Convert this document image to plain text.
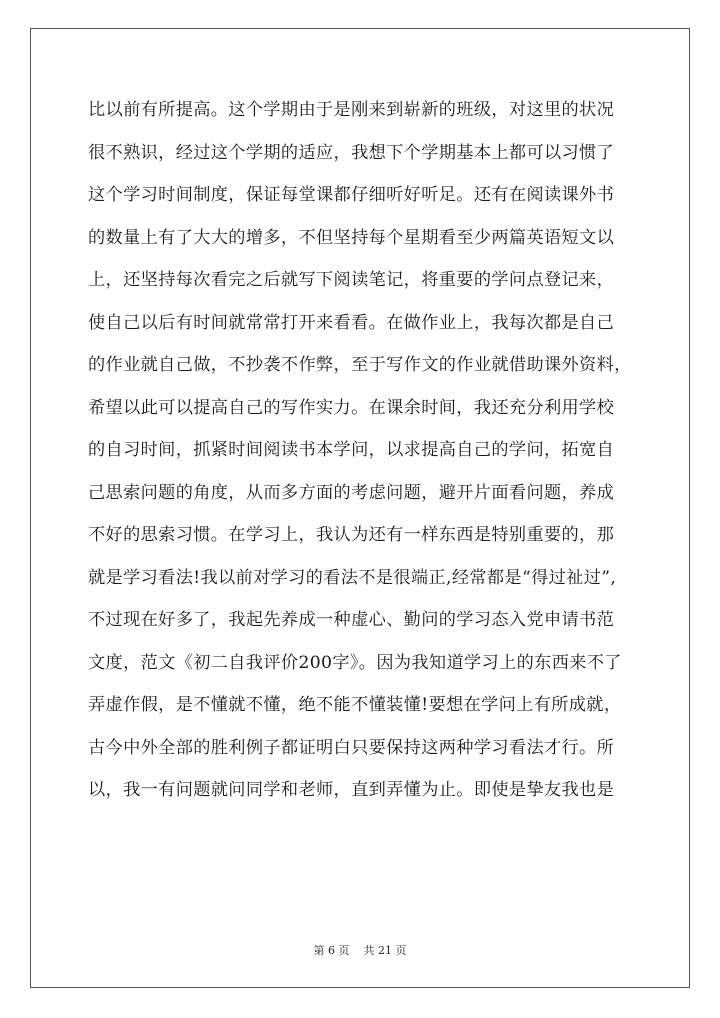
比以前有所提高。这个学期由于是刚来到崭新的班级，对这里的状况
很不熟识，经过这个学期的适应，我想下个学期基本上都可以习惯了
这个学习时间制度，保证每堂课都仔细听好听足。还有在阅读课外书
的数量上有了大大的增多，不但坚持每个星期看至少两篇英语短文以
上，还坚持每次看完之后就写下阅读笔记，将重要的学问点登记来，
使自己以后有时间就常常打开来看看。在做作业上，我每次都是自己
的作业就自己做，不抄袭不作弊，至于写作文的作业就借助课外资料，
希望以此可以提高自己的写作实力。在课余时间，我还充分利用学校
的自习时间，抓紧时间阅读书本学问，以求提高自己的学问，拓宽自
己思索问题的角度，从而多方面的考虑问题，避开片面看问题，养成
不好的思索习惯。在学习上，我认为还有一样东西是特别重要的，那
就是学习看法!我以前对学习的看法不是很端正,经常都是“得过祉过”,
不过现在好多了，我起先养成一种虚心、勤问的学习态入党申请书范
文度，范文《初二自我评价200字》。因为我知道学习上的东西来不了
弄虚作假，是不懂就不懂，绝不能不懂装懂!要想在学问上有所成就，
古今中外全部的胜利例子都证明白只要保持这两种学习看法才行。所
以，我一有问题就问同学和老师，直到弄懂为止。即使是挚友我也是
第 6 页 共 21 页
